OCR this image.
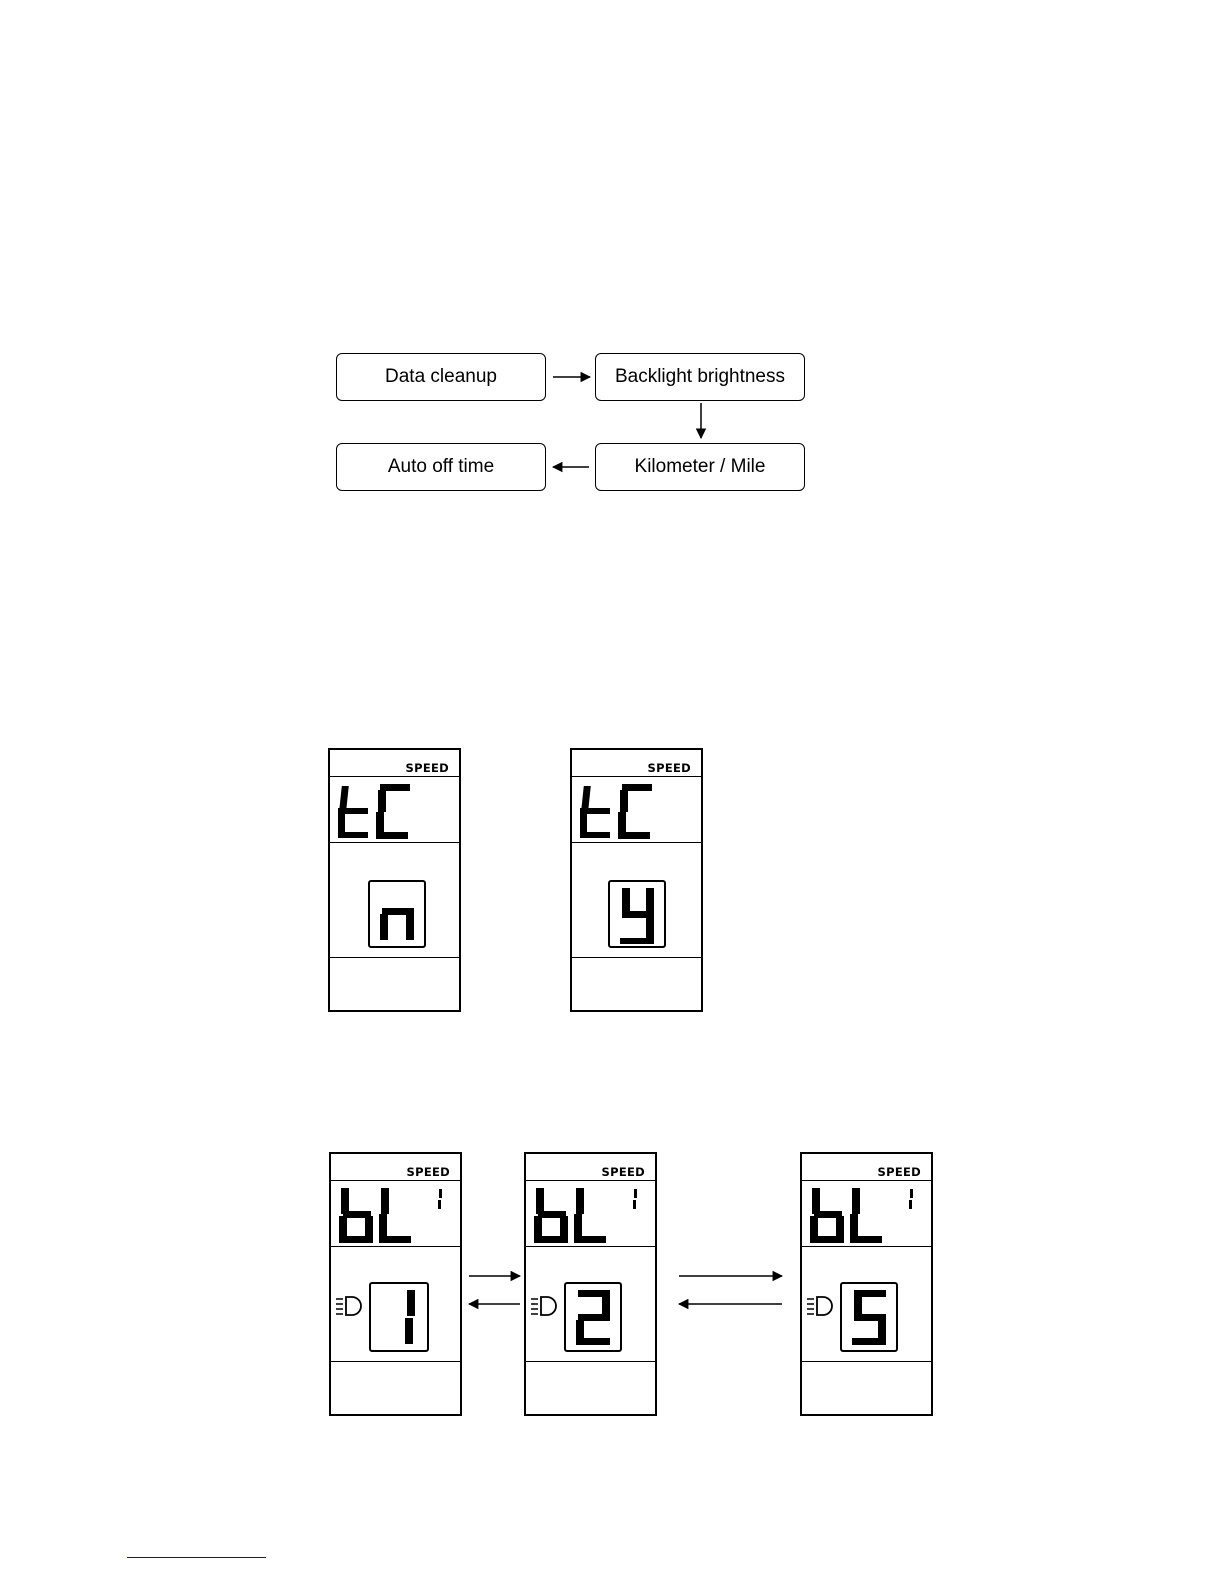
Data cleanup	Backlight brightness
Kilometer / Mile
Auto off time
SPEED	SPEED
SPEED	SPEED	SPEED
